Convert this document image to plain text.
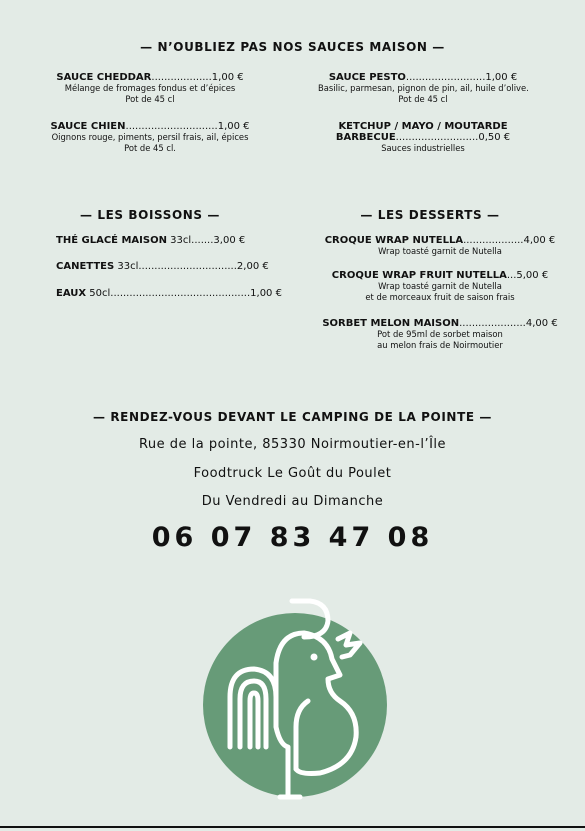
— N’OUBLIEZ PAS NOS SAUCES MAISON —
SAUCE CHEDDAR...................1,00 €
Mélange de fromages fondus et d’épices
Pot de 45 cl
SAUCE PESTO.........................1,00 €
Basilic, parmesan, pignon de pin, ail, huile d’olive.
Pot de 45 cl
SAUCE CHIEN.............................1,00 €
Oignons rouge, piments, persil frais, ail, épices
Pot de 45 cl.
KETCHUP / MAYO / MOUTARDE
BARBECUE..........................0,50 €
Sauces industrielles
— LES BOISSONS —
THÉ GLACÉ MAISON 33cl.......3,00 €
CANETTES 33cl...............................2,00 €
EAUX 50cl............................................1,00 €
— LES DESSERTS —
CROQUE WRAP NUTELLA...................4,00 €
Wrap toasté garnit de Nutella
CROQUE WRAP FRUIT NUTELLA...5,00 €
Wrap toasté garnit de Nutella
et de morceaux fruit de saison frais
SORBET MELON MAISON.....................4,00 €
Pot de 95ml de sorbet maison
au melon frais de Noirmoutier
— RENDEZ-VOUS DEVANT LE CAMPING DE LA POINTE —
Rue de la pointe, 85330 Noirmoutier-en-l’Île
Foodtruck Le Goût du Poulet
Du Vendredi au Dimanche
06 07 83 47 08
